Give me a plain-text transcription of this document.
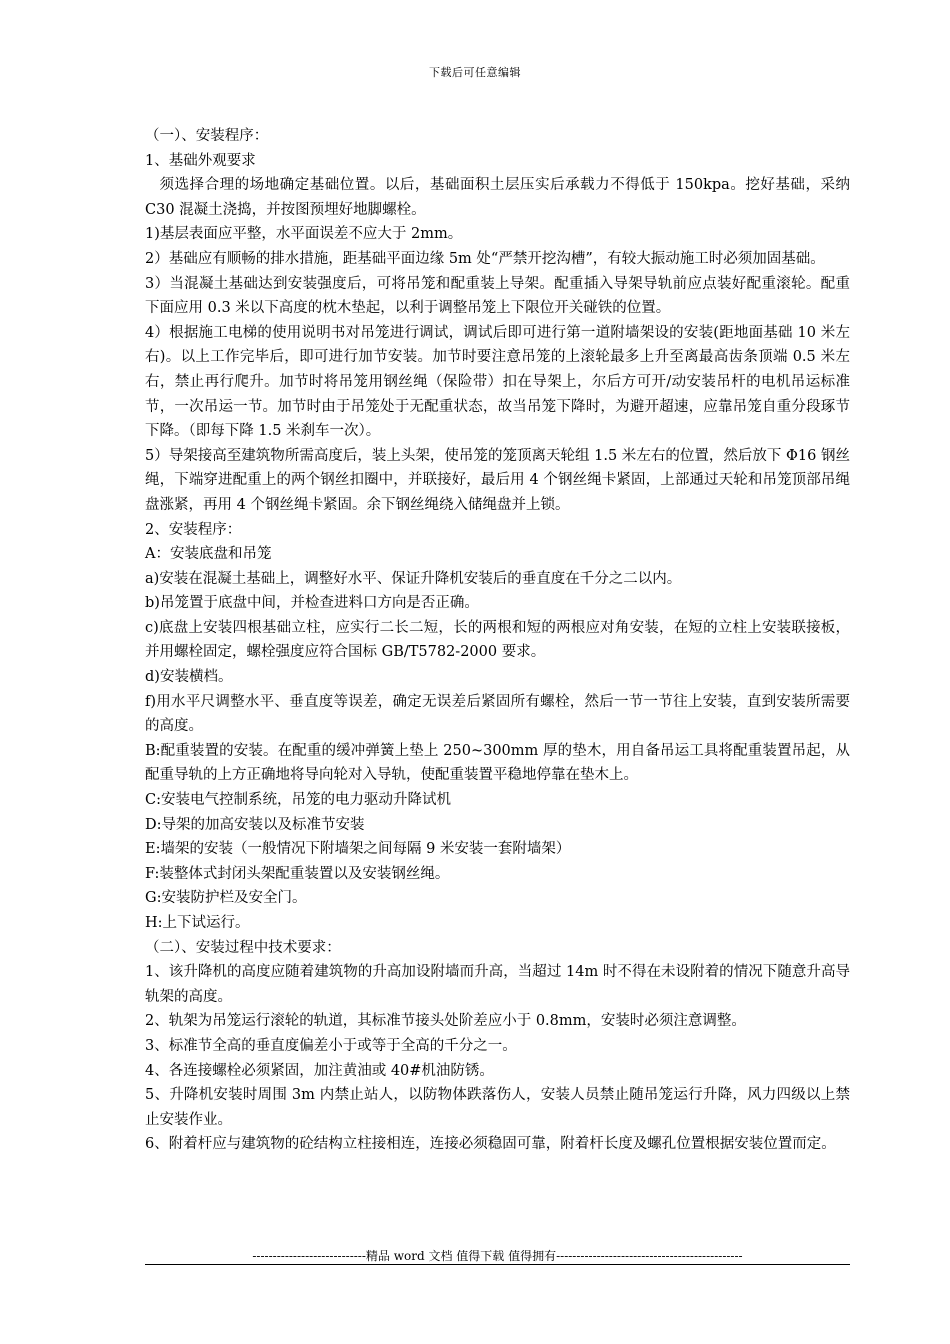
下载后可任意编辑

（一）、安装程序：

1、基础外观要求

须选择合理的场地确定基础位置。以后，基础面积土层压实后承载力不得低于 150kpa。挖好基础，采纳 C30 混凝土浇捣，并按图预埋好地脚螺栓。

1)基层表面应平整，水平面误差不应大于 2mm。

2）基础应有顺畅的排水措施，距基础平面边缘 5m 处“严禁开挖沟槽”，有较大振动施工时必须加固基础。

3）当混凝土基础达到安装强度后，可将吊笼和配重装上导架。配重插入导架导轨前应点装好配重滚轮。配重下面应用 0.3 米以下高度的枕木垫起，以利于调整吊笼上下限位开关碰铁的位置。

4）根据施工电梯的使用说明书对吊笼进行调试，调试后即可进行第一道附墙架设的安装(距地面基础 10 米左右)。以上工作完毕后，即可进行加节安装。加节时要注意吊笼的上滚轮最多上升至离最高齿条顶端 0.5 米左右，禁止再行爬升。加节时将吊笼用钢丝绳（保险带）扣在导架上，尔后方可开/动安装吊杆的电机吊运标准节，一次吊运一节。加节时由于吊笼处于无配重状态，故当吊笼下降时，为避开超速，应靠吊笼自重分段琢节下降。（即每下降 1.5 米刹车一次）。

5）导架接高至建筑物所需高度后，装上头架，使吊笼的笼顶离天轮组 1.5 米左右的位置，然后放下 Φ16 钢丝绳，下端穿进配重上的两个钢丝扣圈中，并联接好，最后用 4 个钢丝绳卡紧固，上部通过天轮和吊笼顶部吊绳盘涨紧，再用 4 个钢丝绳卡紧固。余下钢丝绳绕入储绳盘并上锁。

2、安装程序：

A：安装底盘和吊笼

a)安装在混凝土基础上，调整好水平、保证升降机安装后的垂直度在千分之二以内。

b)吊笼置于底盘中间，并检查进料口方向是否正确。

c)底盘上安装四根基础立柱，应实行二长二短，长的两根和短的两根应对角安装，在短的立柱上安装联接板，并用螺栓固定，螺栓强度应符合国标 GB/T5782-2000 要求。

d)安装横档。

f)用水平尺调整水平、垂直度等误差，确定无误差后紧固所有螺栓，然后一节一节往上安装，直到安装所需要的高度。

B:配重装置的安装。在配重的缓冲弹簧上垫上 250~300mm 厚的垫木，用自备吊运工具将配重装置吊起，从配重导轨的上方正确地将导向轮对入导轨，使配重装置平稳地停靠在垫木上。

C:安装电气控制系统，吊笼的电力驱动升降试机

D:导架的加高安装以及标准节安装

E:墙架的安装（一般情况下附墙架之间每隔 9 米安装一套附墙架）

F:装整体式封闭头架配重装置以及安装钢丝绳。

G:安装防护栏及安全门。

H:上下试运行。

（二）、安装过程中技术要求：

1、该升降机的高度应随着建筑物的升高加设附墙而升高，当超过 14m 时不得在未设附着的情况下随意升高导轨架的高度。

2、轨架为吊笼运行滚轮的轨道，其标准节接头处阶差应小于 0.8mm，安装时必须注意调整。

3、标准节全高的垂直度偏差小于或等于全高的千分之一。

4、各连接螺栓必须紧固，加注黄油或 40#机油防锈。

5、升降机安装时周围 3m 内禁止站人，以防物体跌落伤人，安装人员禁止随吊笼运行升降，风力四级以上禁止安装作业。

6、附着杆应与建筑物的砼结构立柱接相连，连接必须稳固可靠，附着杆长度及螺孔位置根据安装位置而定。

----------------------------精品 word 文档 值得下载 值得拥有----------------------------------------------
